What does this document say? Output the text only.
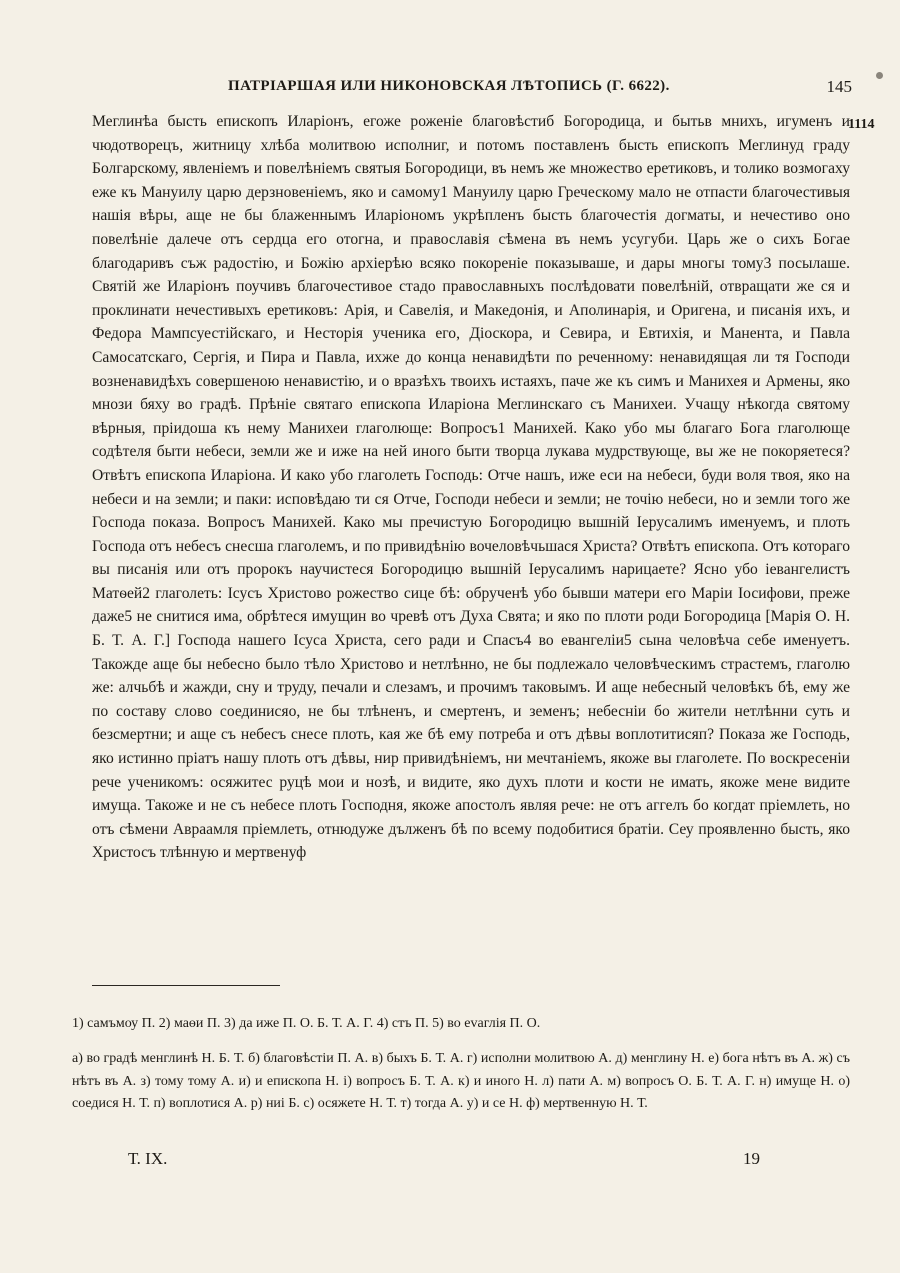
ПАТРІАРШАЯ ИЛИ НИКОНОВСКАЯ ЛѢТОПИСЬ (Г. 6622).	145
1114

Меглинѣа бысть епископъ Иларіонъ, егоже роженіе благовѣстиб Богородица, и бытьв мнихъ, игуменъ и чюдотворецъ, житницу хлѣба молитвою исполниг, и потомъ поставленъ бысть епископъ Меглинуд граду Болгарскому, явленіемъ и повелѣніемъ святыя Богородици, въ немъ же множество еретиковъ, и толико возмогаху еже къ Мануилу царю дерзновеніемъ, яко и самому1 Мануилу царю Греческому мало не отпасти благочестивыя нашія вѣры, аще не бы блаженнымъ Иларіономъ укрѣпленъ бысть благочестія догматы, и нечестиво оно повелѣніе далече отъ сердца его отогна, и православія сѣмена въ немъ усугуби. Царь же о сихъ Богае благодаривъ съж радостію, и Божію архіерѣю всяко покореніе показываше, и дары многы тому3 посылаше. Святій же Иларіонъ поучивъ благочестивое стадо православныхъ послѣдовати повелѣній, отвращати же ся и проклинати нечестивыхъ еретиковъ: Арія, и Савелія, и Македонія, и Аполинарія, и Оригена, и писанія ихъ, и Федора Мампсуестійскаго, и Несторія ученика его, Діоскора, и Севира, и Евтихія, и Манента, и Павла Самосатскаго, Сергія, и Пира и Павла, ихже до конца ненавидѣти по реченному: ненавидящая ли тя Господи возненавидѣхъ совершеною ненавистію, и о вразѣхъ твоихъ истаяхъ, паче же къ симъ и Манихея и Армены, яко мнози бяху во градѣ. Прѣніе святаго епископа Иларіона Меглинскаго съ Манихеи. Учащу нѣкогда святому вѣрныя, пріидоша къ нему Манихеи глаголюще: Вопросъ1 Манихей. Како убо мы благаго Бога глаголюще содѣтеля быти небеси, земли же и иже на ней иного быти творца лукава мудрствующе, вы же не покоряетеся? Отвѣтъ епископа Иларіона. И како убо глаголеть Господь: Отче нашъ, иже еси на небеси, буди воля твоя, яко на небеси и на земли; и паки: исповѣдаю ти ся Отче, Господи небеси и земли; не точію небеси, но и земли того же Господа показа. Вопросъ Манихей. Како мы пречистую Богородицю вышній Іерусалимъ именуемъ, и плоть Господа отъ небесъ снесша глаголемъ, и по привидѣнію вочеловѣчьшася Христа? Отвѣтъ епископа. Отъ котораго вы писанія или отъ пророкъ научистеся Богородицю вышній Іерусалимъ нарицаете? Ясно убо іевангелистъ Матѳей2 глаголеть: Ісусъ Христово рожество сице бѣ: обрученѣ убо бывши матери его Маріи Іосифови, преже даже5 не снитися има, обрѣтеся имущин во чревѣ отъ Духа Свята; и яко по плоти роди Богородица [Марія О. Н. Б. Т. А. Г.] Господа нашего Ісуса Христа, сего ради и Спасъ4 во евангеліи5 сына человѣча себе именуетъ. Такожде аще бы небесно было тѣло Христово и нетлѣнно, не бы подлежало человѣческимъ страстемъ, глаголю же: алчьбѣ и жажди, сну и труду, печали и слезамъ, и прочимъ таковымъ. И аще небесный человѣкъ бѣ, ему же по составу слово соединисяо, не бы тлѣненъ, и смертенъ, и земенъ; небесніи бо жители нетлѣнни суть и безсмертни; и аще съ небесъ снесе плоть, кая же бѣ ему потреба и отъ дѣвы воплотитисяп? Показа же Господь, яко истинно пріатъ нашу плоть отъ дѣвы, нир привидѣніемъ, ни мечтаніемъ, якоже вы глаголете. По воскресеніи рече ученикомъ: осяжитес руцѣ мои и нозѣ, и видите, яко духъ плоти и кости не имать, якоже мене видите имуща. Такоже и не съ небесе плоть Господня, якоже апостолъ являя рече: не отъ аггелъ бо когдат пріемлеть, но отъ сѣмени Авраамля пріемлеть, отнюдуже дълженъ бѣ по всему подобитися братіи. Сеу проявленно бысть, яко Христосъ тлѣнную и мертвенуф

1) самъмоу П. 2) маѳи П. 3) да иже П. О. Б. Т. А. Г. 4) стъ П. 5) во еvаглія П. О.
а) во градѣ менглинѣ Н. Б. Т. б) благовѣстіи П. А. в) быхъ Б. Т. А. г) исполни молитвою А. д) менглину Н. е) бога нѣтъ въ А. ж) съ нѣтъ въ А. з) тому тому А. и) и епископа Н. і) вопросъ Б. Т. А. к) и иного Н. л) пати А. м) вопросъ О. Б. Т. А. Г. н) имуще Н. о) соедися Н. Т. п) воплотися А. р) ниі Б. с) осяжете Н. Т. т) тогда А. у) и се Н. ф) мертвенную Н. Т.
Т. IX.	19
